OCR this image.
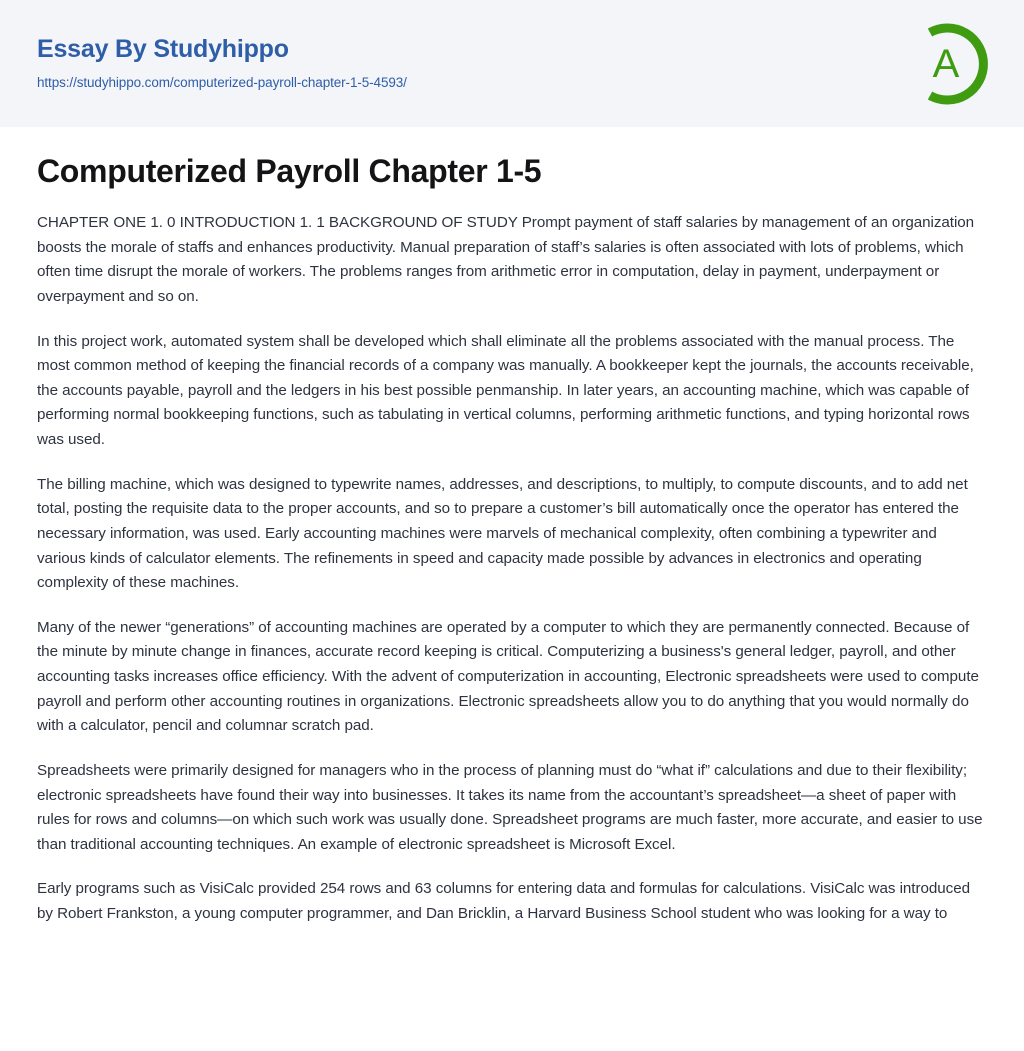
Essay By Studyhippo
https://studyhippo.com/computerized-payroll-chapter-1-5-4593/	A
Computerized Payroll Chapter 1-5

CHAPTER ONE 1. 0 INTRODUCTION 1. 1 BACKGROUND OF STUDY Prompt payment of staff salaries by management of an organization boosts the morale of staffs and enhances productivity. Manual preparation of staff’s salaries is often associated with lots of problems, which often time disrupt the morale of workers. The problems ranges from arithmetic error in computation, delay in payment, underpayment or overpayment and so on.

In this project work, automated system shall be developed which shall eliminate all the problems associated with the manual process. The most common method of keeping the financial records of a company was manually. A bookkeeper kept the journals, the accounts receivable, the accounts payable, payroll and the ledgers in his best possible penmanship. In later years, an accounting machine, which was capable of performing normal bookkeeping functions, such as tabulating in vertical columns, performing arithmetic functions, and typing horizontal rows was used.

The billing machine, which was designed to typewrite names, addresses, and descriptions, to multiply, to compute discounts, and to add net total, posting the requisite data to the proper accounts, and so to prepare a customer’s bill automatically once the operator has entered the necessary information, was used. Early accounting machines were marvels of mechanical complexity, often combining a typewriter and various kinds of calculator elements. The refinements in speed and capacity made possible by advances in electronics and operating complexity of these machines.

Many of the newer “generations” of accounting machines are operated by a computer to which they are permanently connected. Because of the minute by minute change in finances, accurate record keeping is critical. Computerizing a business's general ledger, payroll, and other accounting tasks increases office efficiency. With the advent of computerization in accounting, Electronic spreadsheets were used to compute payroll and perform other accounting routines in organizations. Electronic spreadsheets allow you to do anything that you would normally do with a calculator, pencil and columnar scratch pad.

Spreadsheets were primarily designed for managers who in the process of planning must do “what if” calculations and due to their flexibility; electronic spreadsheets have found their way into businesses. It takes its name from the accountant’s spreadsheet—a sheet of paper with rules for rows and columns—on which such work was usually done. Spreadsheet programs are much faster, more accurate, and easier to use than traditional accounting techniques. An example of electronic spreadsheet is Microsoft Excel.

Early programs such as VisiCalc provided 254 rows and 63 columns for entering data and formulas for calculations. VisiCalc was introduced by Robert Frankston, a young computer programmer, and Dan Bricklin, a Harvard Business School student who was looking for a way to
